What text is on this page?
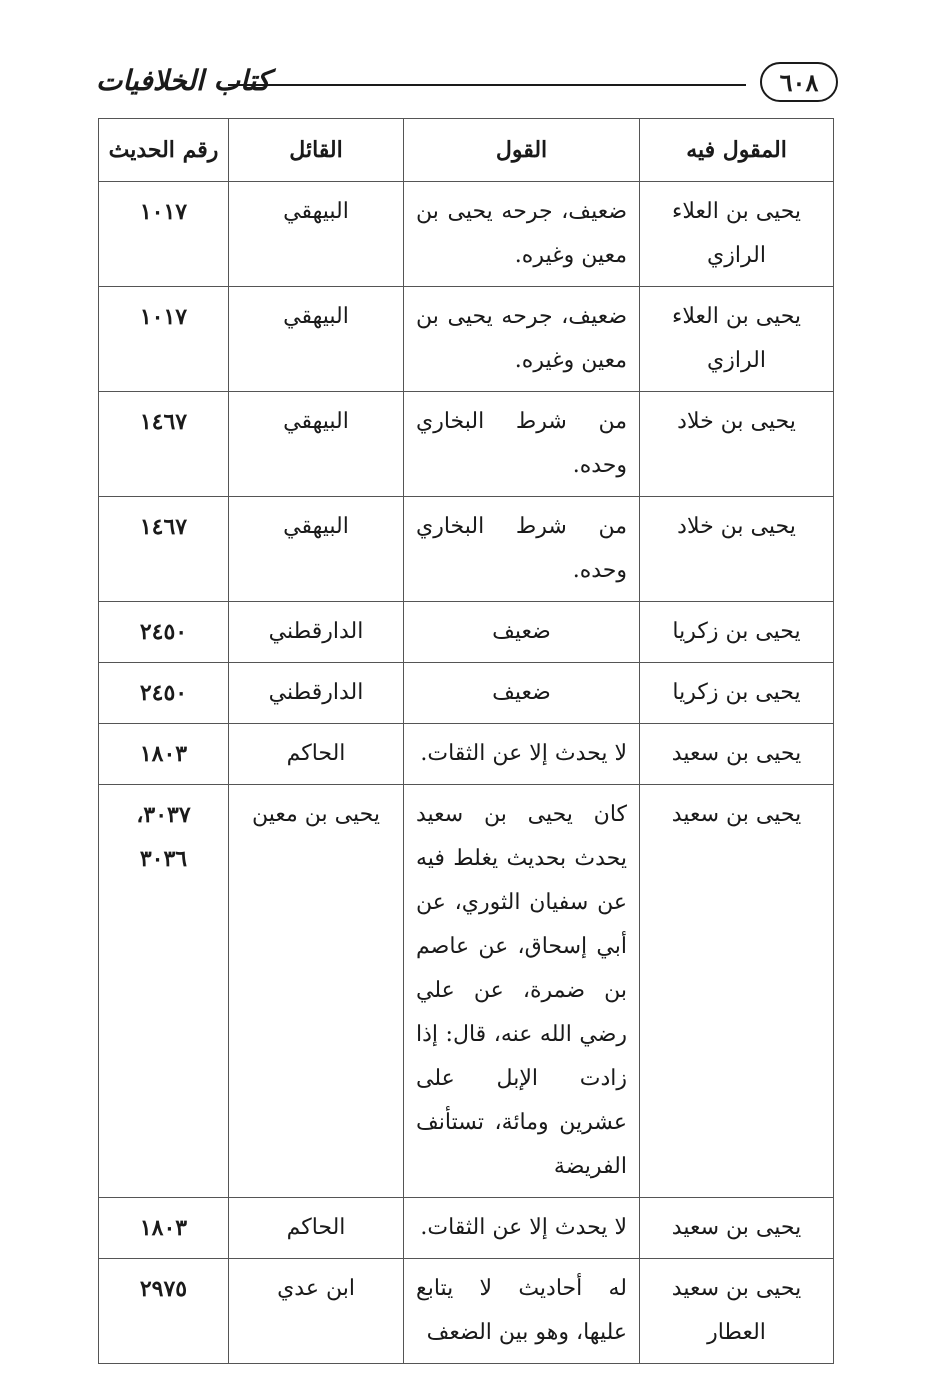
٦٠٨
كتاب الخلافيات
المقول فيه	القول	القائل	رقم الحديث
يحيى بن العلاء الرازي	ضعيف، جرحه يحيى بن معين وغيره.	البيهقي	١٠١٧
يحيى بن العلاء الرازي	ضعيف، جرحه يحيى بن معين وغيره.	البيهقي	١٠١٧
يحيى بن خلاد	من شرط البخاري وحده.	البيهقي	١٤٦٧
يحيى بن خلاد	من شرط البخاري وحده.	البيهقي	١٤٦٧
يحيى بن زكريا	ضعيف	الدارقطني	٢٤٥٠
يحيى بن زكريا	ضعيف	الدارقطني	٢٤٥٠
يحيى بن سعيد	لا يحدث إلا عن الثقات.	الحاكم	١٨٠٣
يحيى بن سعيد	كان يحيى بن سعيد يحدث بحديث يغلط فيه عن سفيان الثوري، عن أبي إسحاق، عن عاصم بن ضمرة، عن علي رضي الله عنه، قال: إذا زادت الإبل على عشرين ومائة، تستأنف الفريضة	يحيى بن معين	٣٠٣٧، ٣٠٣٦
يحيى بن سعيد	لا يحدث إلا عن الثقات.	الحاكم	١٨٠٣
يحيى بن سعيد العطار	له أحاديث لا يتابع عليها، وهو بين الضعف	ابن عدي	٢٩٧٥
